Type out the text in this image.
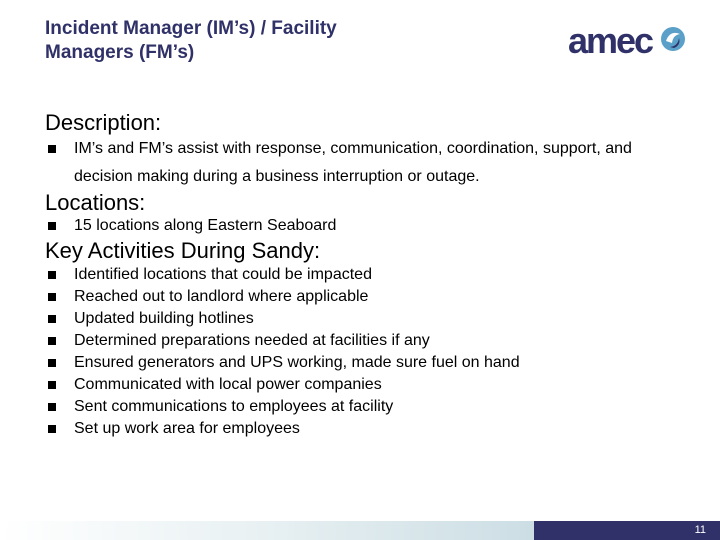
Incident Manager (IM’s) / Facility
Managers (FM’s)	amec
Description:
IM’s and FM’s assist with response, communication, coordination, support, and decision making during a business interruption or outage.
Locations:
15 locations along Eastern Seaboard
Key Activities During Sandy:
Identified locations that could be impacted
Reached out to landlord where applicable
Updated building hotlines
Determined preparations needed at facilities if any
Ensured generators and UPS working, made sure fuel on hand
Communicated with local power companies
Sent communications to employees at facility
Set up work area for employees
11
